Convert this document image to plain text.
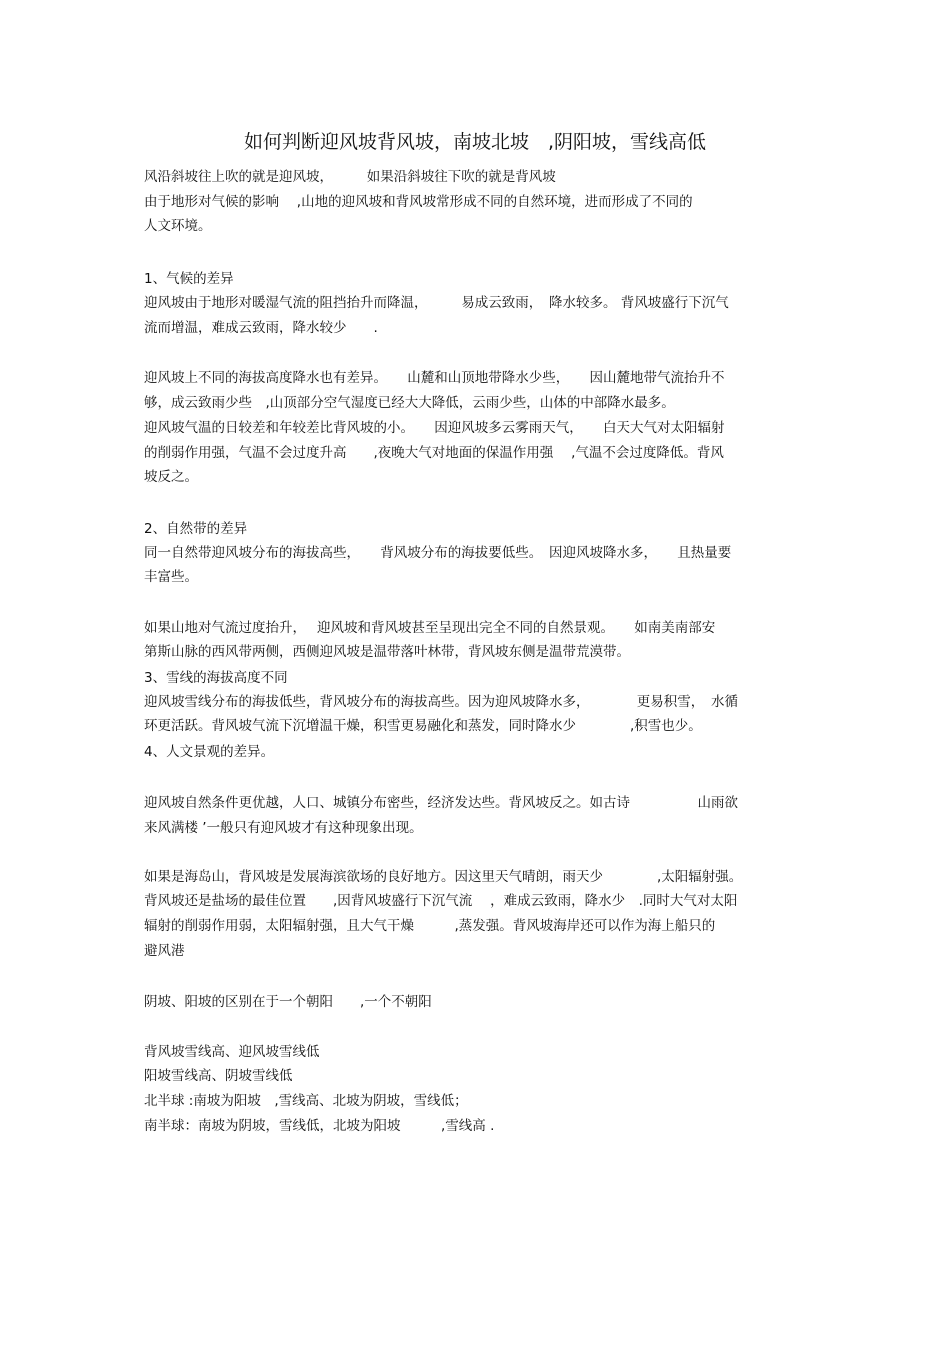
如何判断迎风坡背风坡，南坡北坡　,阴阳坡，雪线高低
风沿斜坡往上吹的就是迎风坡，　　　如果沿斜坡往下吹的就是背风坡
由于地形对气候的影响　 ,山地的迎风坡和背风坡常形成不同的自然环境，进而形成了不同的
人文环境。
1、气候的差异
迎风坡由于地形对暖湿气流的阻挡抬升而降温，　　　易成云致雨，　降水较多。 背风坡盛行下沉气
流而增温，难成云致雨，降水较少　　.
迎风坡上不同的海拔高度降水也有差异。　　山麓和山顶地带降水少些，　　因山麓地带气流抬升不
够，成云致雨少些　,山顶部分空气湿度已经大大降低，云雨少些，山体的中部降水最多。
迎风坡气温的日较差和年较差比背风坡的小。　　因迎风坡多云雾雨天气，　　白天大气对太阳辐射
的削弱作用强，气温不会过度升高　　,夜晚大气对地面的保温作用强　 ,气温不会过度降低。背风
坡反之。
2、自然带的差异
同一自然带迎风坡分布的海拔高些，　　背风坡分布的海拔要低些。　因迎风坡降水多，　　且热量要
丰富些。
如果山地对气流过度抬升，　 迎风坡和背风坡甚至呈现出完全不同的自然景观。　　如南美南部安
第斯山脉的西风带两侧，西侧迎风坡是温带落叶林带，背风坡东侧是温带荒漠带。
3、雪线的海拔高度不同
迎风坡雪线分布的海拔低些，背风坡分布的海拔高些。因为迎风坡降水多，　　　　更易积雪，　水循
环更活跃。背风坡气流下沉增温干燥，积雪更易融化和蒸发，同时降水少　　　　,积雪也少。
4、人文景观的差异。
迎风坡自然条件更优越，人口、城镇分布密些，经济发达些。背风坡反之。如古诗　　　　　山雨欲
来风满楼 ’一般只有迎风坡才有这种现象出现。
如果是海岛山，背风坡是发展海滨欲场的良好地方。因这里天气晴朗，雨天少　　　　,太阳辐射强。
背风坡还是盐场的最佳位置　　,因背风坡盛行下沉气流　 ，难成云致雨，降水少　.同时大气对太阳
辐射的削弱作用弱，太阳辐射强，且大气干燥　　　,蒸发强。背风坡海岸还可以作为海上船只的
避风港
阴坡、阳坡的区别在于一个朝阳　　,一个不朝阳
背风坡雪线高、迎风坡雪线低
阳坡雪线高、阴坡雪线低
北半球 :南坡为阳坡　,雪线高、北坡为阴坡，雪线低；
南半球：南坡为阴坡，雪线低，北坡为阳坡　　　,雪线高 .
